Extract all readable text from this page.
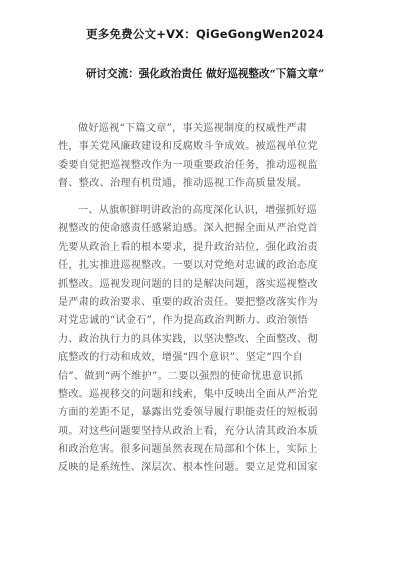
更多免费公文+VX：QiGeGongWen2024
研讨交流：强化政治责任 做好巡视整改“下篇文章”
做好巡视“下篇文章”，事关巡视制度的权威性严肃
性，事关党风廉政建设和反腐败斗争成效。被巡视单位党
委要自觉把巡视整改作为一项重要政治任务，推动巡视监
督、整改、治理有机贯通，推动巡视工作高质量发展。
一、从旗帜鲜明讲政治的高度深化认识，增强抓好巡
视整改的使命感责任感紧迫感。深入把握全面从严治党首
先要从政治上看的根本要求，提升政治站位，强化政治责
任，扎实推进巡视整改。一要以对党绝对忠诚的政治态度
抓整改。巡视发现问题的目的是解决问题，落实巡视整改
是严肃的政治要求、重要的政治责任。要把整改落实作为
对党忠诚的“试金石”，作为提高政治判断力、政治领悟
力、政治执行力的具体实践，以坚决整改、全面整改、彻
底整改的行动和成效，增强“四个意识”、坚定“四个自
信”、做到“两个维护”。二要以强烈的使命忧患意识抓
整改。巡视移交的问题和线索，集中反映出全面从严治党
方面的差距不足，暴露出党委领导履行职能责任的短板弱
项。对这些问题要坚持从政治上看，充分认清其政治本质
和政治危害。很多问题虽然表现在局部和个体上，实际上
反映的是系统性、深层次、根本性问题。要立足党和国家
